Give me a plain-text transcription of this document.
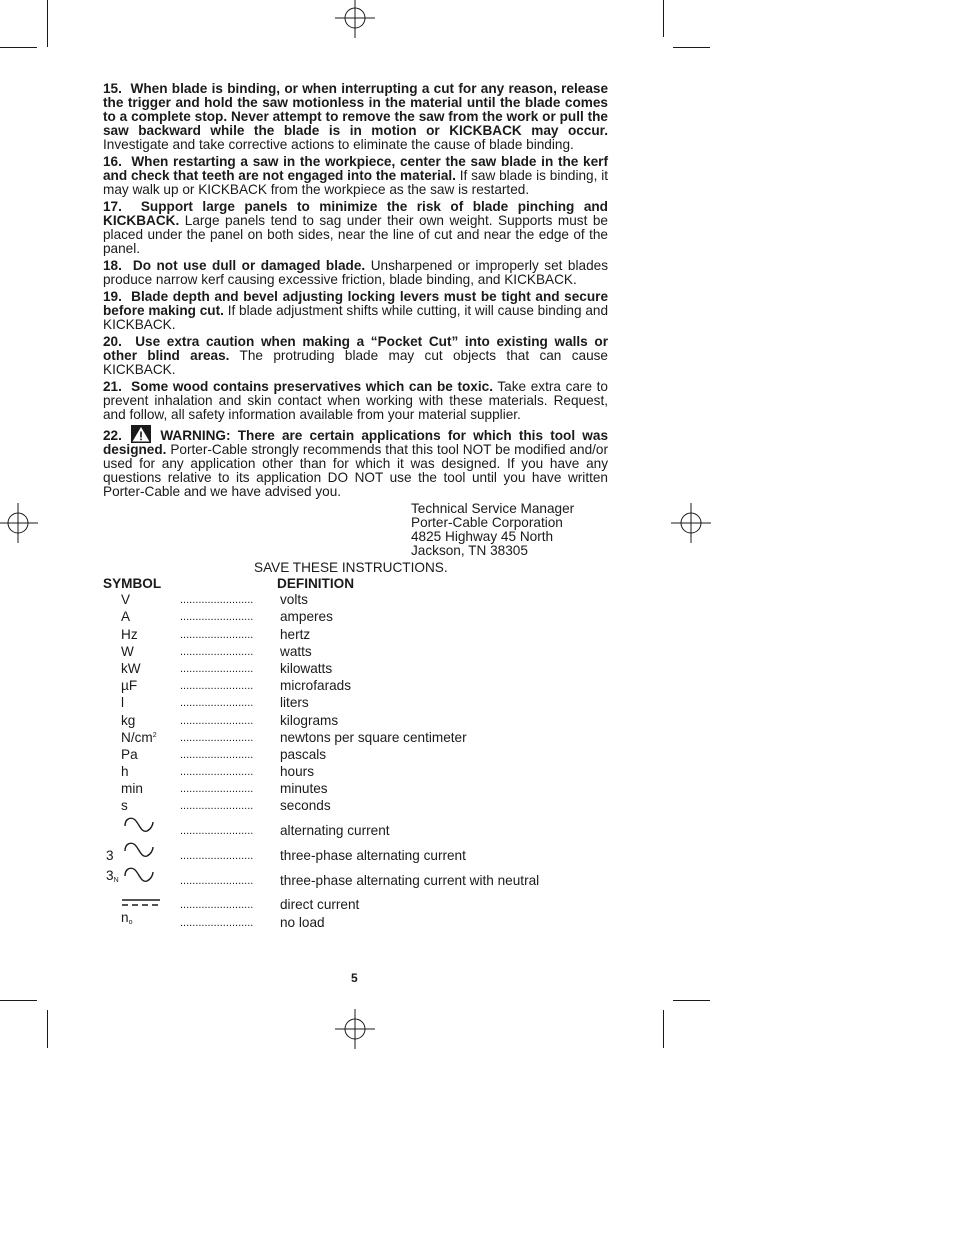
15. When blade is binding, or when interrupting a cut for any reason, release the trigger and hold the saw motionless in the material until the blade comes to a complete stop. Never attempt to remove the saw from the work or pull the saw backward while the blade is in motion or KICKBACK may occur. Investigate and take corrective actions to eliminate the cause of blade binding.

16. When restarting a saw in the workpiece, center the saw blade in the kerf and check that teeth are not engaged into the material. If saw blade is binding, it may walk up or KICKBACK from the workpiece as the saw is restarted.

17. Support large panels to minimize the risk of blade pinching and KICKBACK. Large panels tend to sag under their own weight. Supports must be placed under the panel on both sides, near the line of cut and near the edge of the panel.

18. Do not use dull or damaged blade. Unsharpened or improperly set blades produce narrow kerf causing excessive friction, blade binding, and KICKBACK.

19. Blade depth and bevel adjusting locking levers must be tight and secure before making cut. If blade adjustment shifts while cutting, it will cause binding and KICKBACK.

20. Use extra caution when making a “Pocket Cut” into existing walls or other blind areas. The protruding blade may cut objects that can cause KICKBACK.

21. Some wood contains preservatives which can be toxic. Take extra care to prevent inhalation and skin contact when working with these materials. Request, and follow, all safety information available from your material supplier.

22.	WARNING: There are certain applications for which this tool was designed. Porter-Cable strongly recommends that this tool NOT be modified and/or used for any application other than for which it was designed. If you have any questions relative to its application DO NOT use the tool until you have written Porter-Cable and we have advised you.

Technical Service Manager
Porter-Cable Corporation
4825 Highway 45 North
Jackson, TN 38305
SAVE THESE INSTRUCTIONS.
SYMBOL	DEFINITION
V	........................ volts
A	........................ amperes
Hz	........................ hertz
W	........................ watts
kW	........................ kilowatts
µF	........................ microfarads
l	........................ liters
kg	........................ kilograms
$N/cm^2$ ........................ newtons per square centimeter
Pa	........................ pascals
h	........................ hours
min	........................ minutes
s	........................ seconds
........................ alternating current
3	........................ three-phase alternating current
$3_N$	........................ three-phase alternating current with neutral
........................ direct current
$n_o$	........................ no load
5
